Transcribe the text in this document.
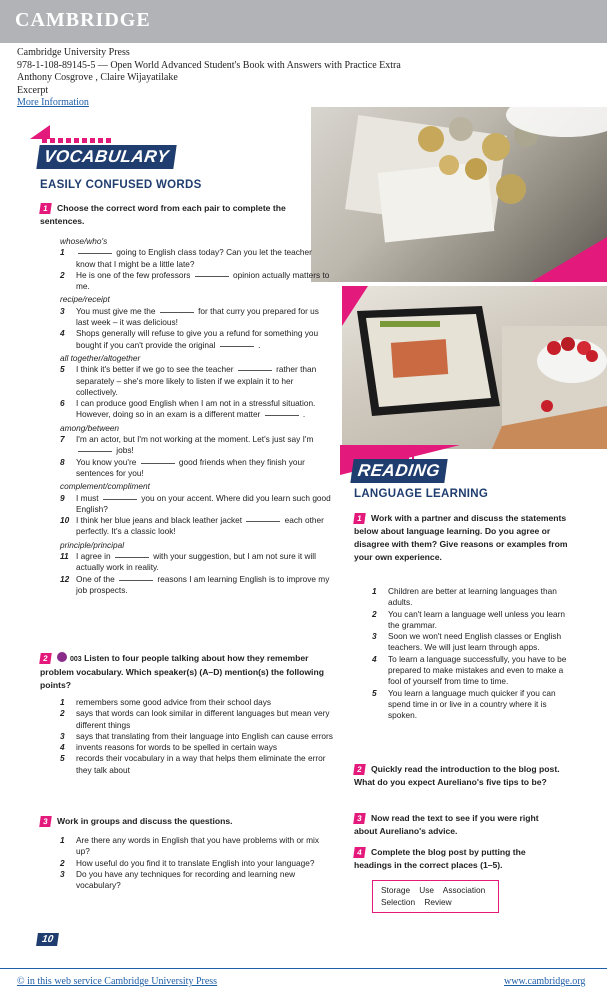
CAMBRIDGE
Cambridge University Press
978-1-108-89145-5 — Open World Advanced Student's Book with Answers with Practice Extra
Anthony Cosgrove , Claire Wijayatilake
Excerpt
More Information
VOCABULARY
EASILY CONFUSED WORDS
1 Choose the correct word from each pair to complete the sentences.
whose/who's
1	going to English class today? Can you let the teacher know that I might be a little late?
2	He is one of the few professors	opinion actually matters to me.
recipe/receipt
3	You must give me the	for that curry you prepared for us last week – it was delicious!
4	Shops generally will refuse to give you a refund for something you bought if you can't provide the original	.
all together/altogether
5	I think it's better if we go to see the teacher	rather than separately – she's more likely to listen if we explain it to her collectively.
6	I can produce good English when I am not in a stressful situation. However, doing so in an exam is a different matter	.
among/between
7	I'm an actor, but I'm not working at the moment. Let's just say I'm  jobs!
8	You know you're	good friends when they finish your sentences for you!
complement/compliment
9	I must	you on your accent. Where did you learn such good English?
10 I think her blue jeans and black leather jacket	each other perfectly. It's a classic look!
principle/principal
11 I agree in	with your suggestion, but I am not sure it will actually work in reality.
12 One of the	reasons I am learning English is to improve my job prospects.
2	003 Listen to four people talking about how they remember problem vocabulary. Which speaker(s) (A–D) mention(s) the following points?
1	remembers some good advice from their school days
2	says that words can look similar in different languages but mean very different things
3	says that translating from their language into English can cause errors
4	invents reasons for words to be spelled in certain ways
5	records their vocabulary in a way that helps them eliminate the error they talk about
3 Work in groups and discuss the questions.
1	Are there any words in English that you have problems with or mix up?
2	How useful do you find it to translate English into your language?
3	Do you have any techniques for recording and learning new vocabulary?
READING
LANGUAGE LEARNING
1 Work with a partner and discuss the statements below about language learning. Do you agree or disagree with them? Give reasons or examples from your own experience.
1	Children are better at learning languages than adults.
2	You can't learn a language well unless you learn the grammar.
3	Soon we won't need English classes or English teachers. We will just learn through apps.
4	To learn a language successfully, you have to be prepared to make mistakes and even to make a fool of yourself from time to time.
5	You learn a language much quicker if you can spend time in or live in a country where it is spoken.
2 Quickly read the introduction to the blog post. What do you expect Aureliano's five tips to be?
3 Now read the text to see if you were right about Aureliano's advice.
4 Complete the blog post by putting the headings in the correct places (1–5).
Storage    Use    Association
Selection    Review
10
© in this web service Cambridge University Press	www.cambridge.org
